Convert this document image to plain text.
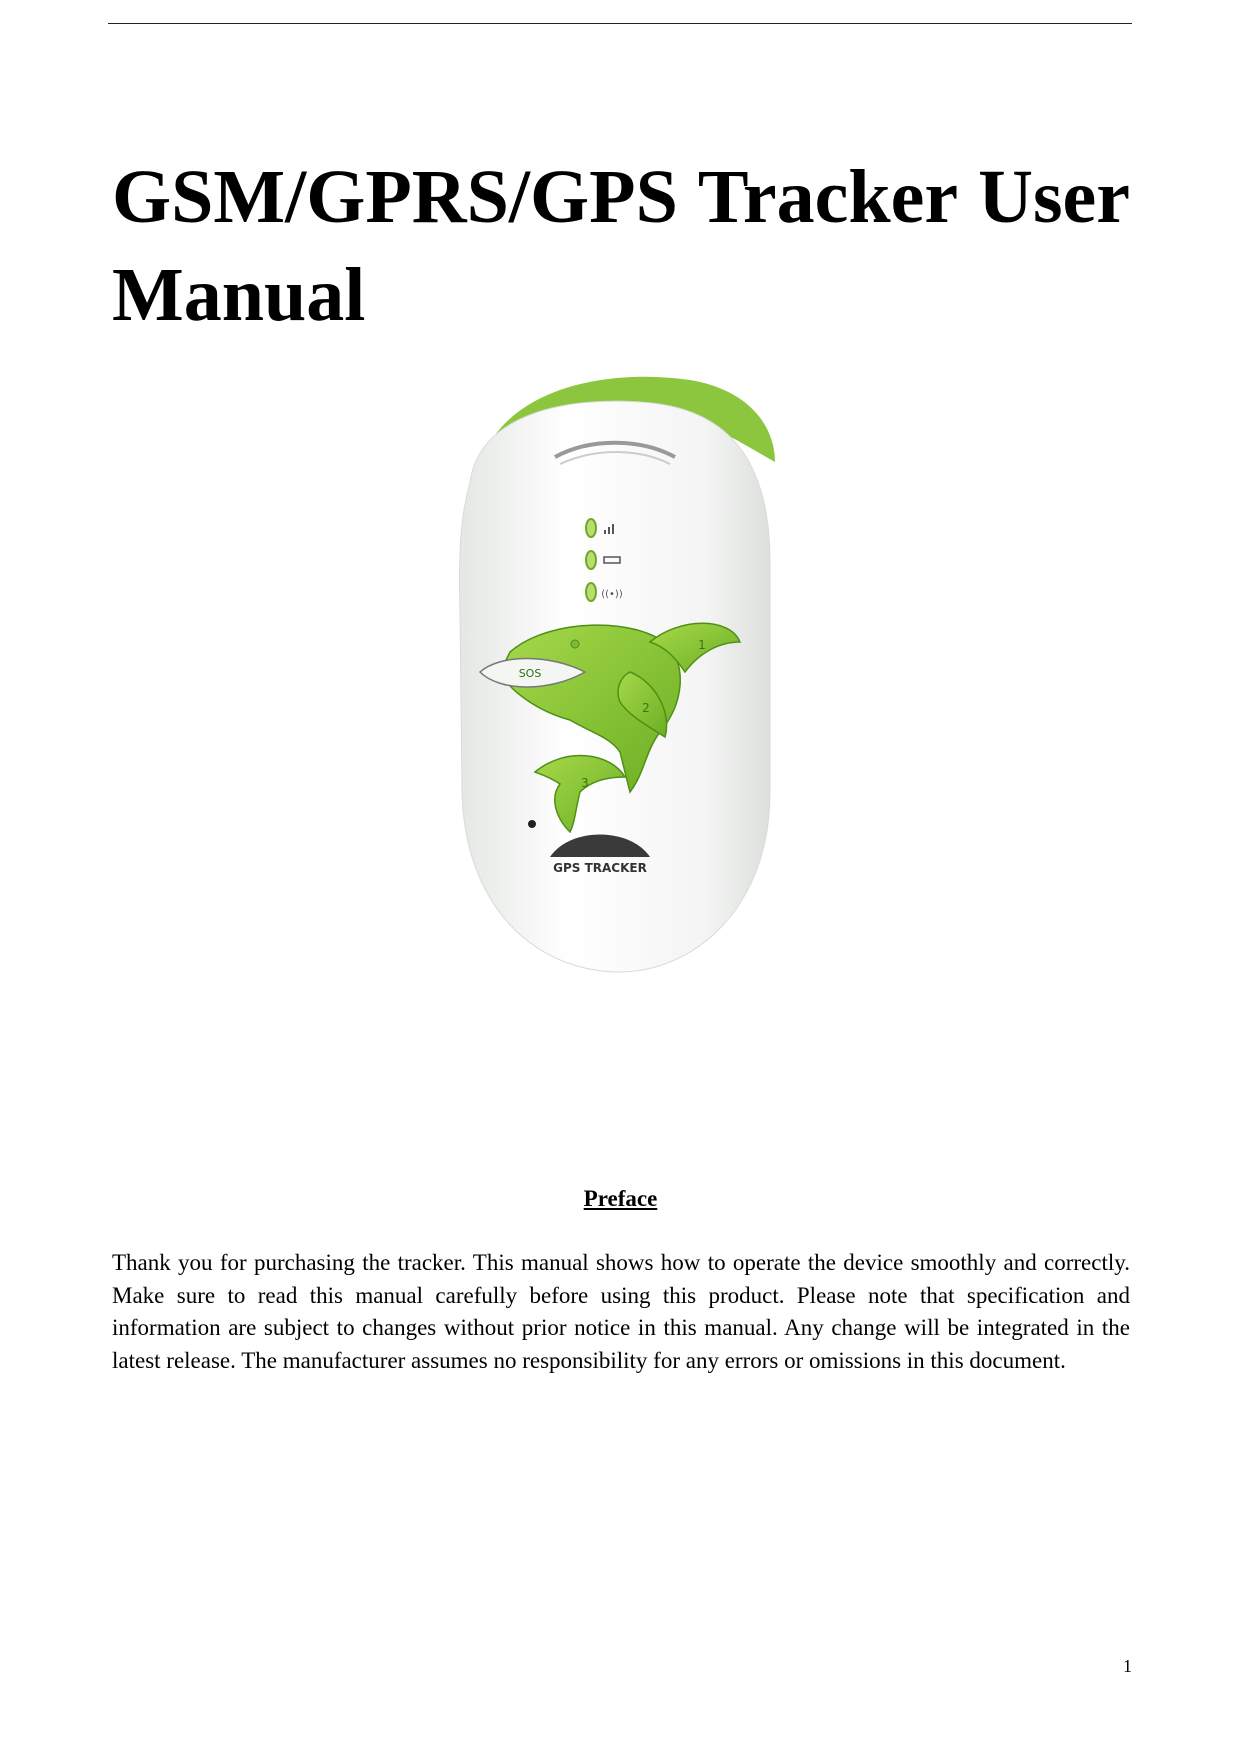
GSM/GPRS/GPS Tracker User Manual
((•))
1
2
3
SOS
GPS TRACKER
Preface

Thank you for purchasing the tracker. This manual shows how to operate the device smoothly and correctly. Make sure to read this manual carefully before using this product. Please note that specification and information are subject to changes without prior notice in this manual. Any change will be integrated in the latest release. The manufacturer assumes no responsibility for any errors or omissions in this document.

1
